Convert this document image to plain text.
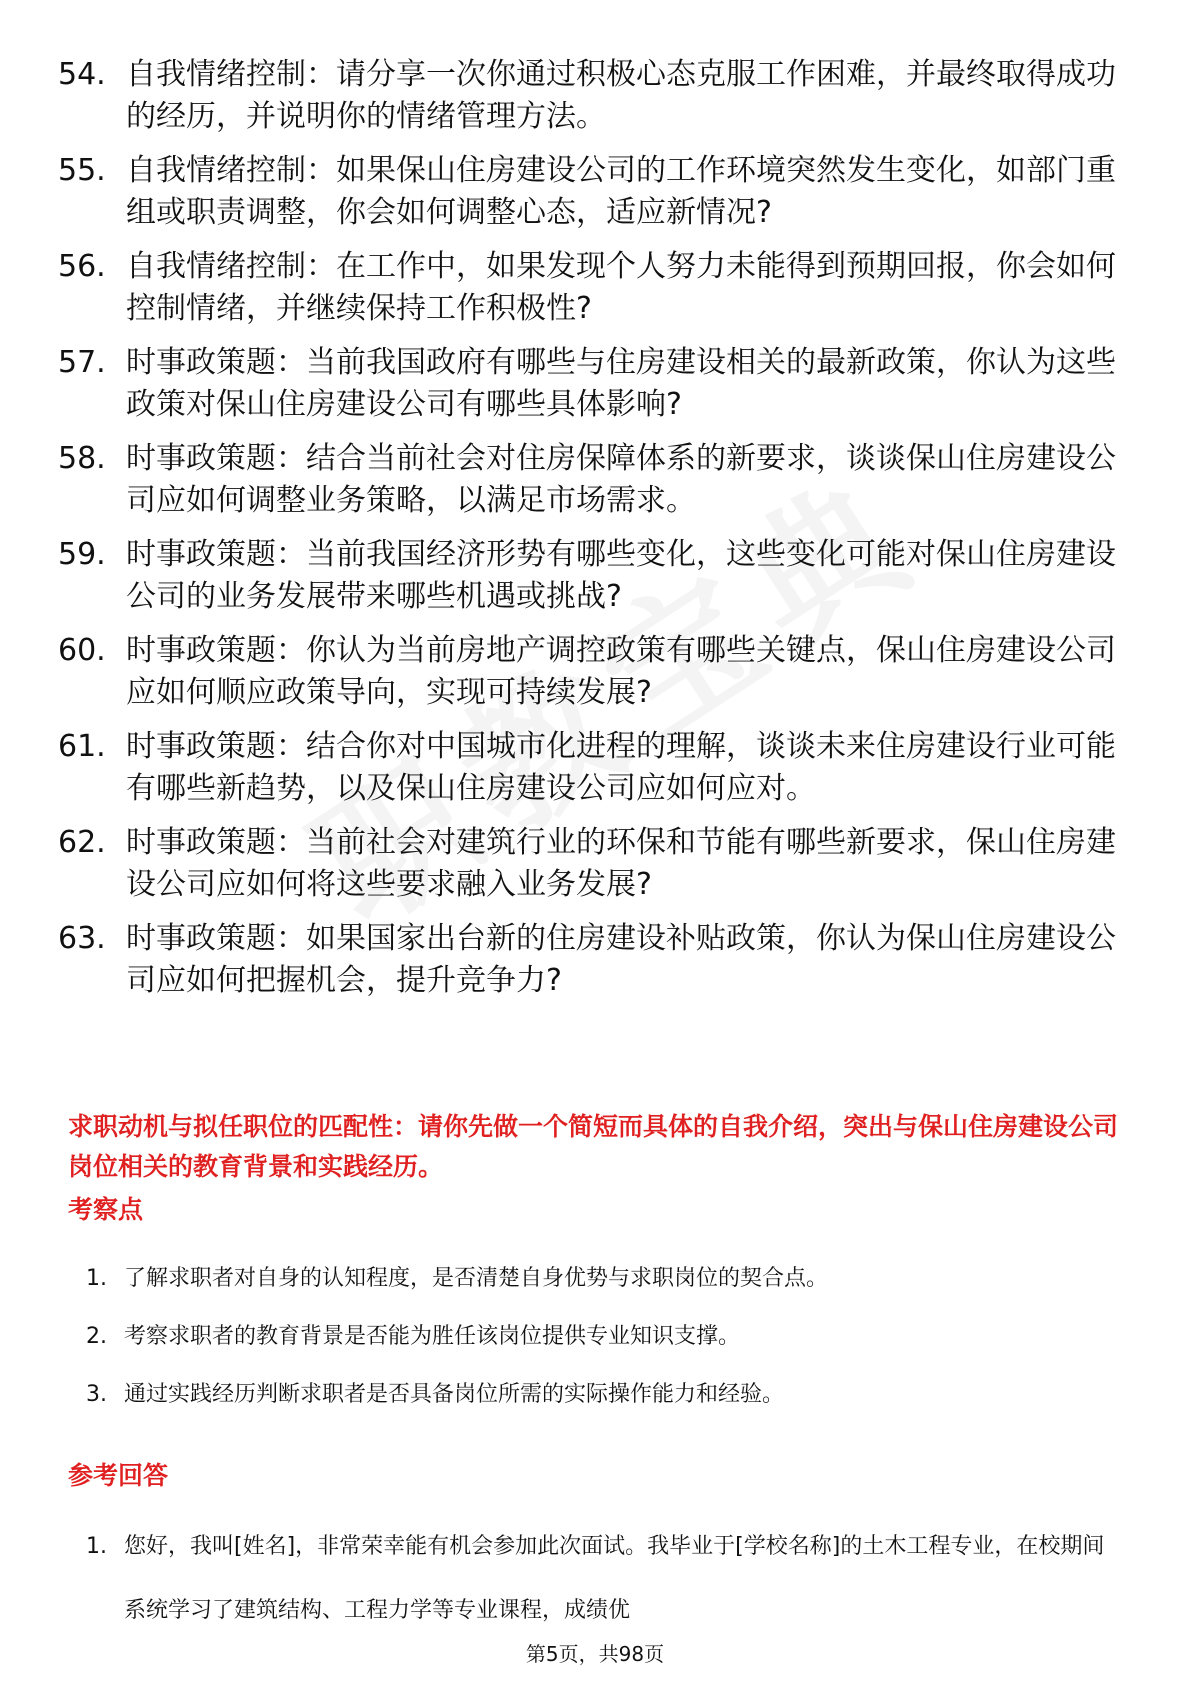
54. 自我情绪控制：请分享一次你通过积极心态克服工作困难，并最终取得成功的经历，并说明你的情绪管理方法。
55. 自我情绪控制：如果保山住房建设公司的工作环境突然发生变化，如部门重组或职责调整，你会如何调整心态，适应新情况?
56. 自我情绪控制：在工作中，如果发现个人努力未能得到预期回报，你会如何控制情绪，并继续保持工作积极性?
57. 时事政策题：当前我国政府有哪些与住房建设相关的最新政策，你认为这些政策对保山住房建设公司有哪些具体影响?
58. 时事政策题：结合当前社会对住房保障体系的新要求，谈谈保山住房建设公司应如何调整业务策略，以满足市场需求。
59. 时事政策题：当前我国经济形势有哪些变化，这些变化可能对保山住房建设公司的业务发展带来哪些机遇或挑战?
60. 时事政策题：你认为当前房地产调控政策有哪些关键点，保山住房建设公司应如何顺应政策导向，实现可持续发展?
61. 时事政策题：结合你对中国城市化进程的理解，谈谈未来住房建设行业可能有哪些新趋势，以及保山住房建设公司应如何应对。
62. 时事政策题：当前社会对建筑行业的环保和节能有哪些新要求，保山住房建设公司应如何将这些要求融入业务发展?
63. 时事政策题：如果国家出台新的住房建设补贴政策，你认为保山住房建设公司应如何把握机会，提升竞争力?
求职动机与拟任职位的匹配性：请你先做一个简短而具体的自我介绍，突出与保山住房建设公司岗位相关的教育背景和实践经历。
考察点
1. 了解求职者对自身的认知程度，是否清楚自身优势与求职岗位的契合点。
2. 考察求职者的教育背景是否能为胜任该岗位提供专业知识支撑。
3. 通过实践经历判断求职者是否具备岗位所需的实际操作能力和经验。
参考回答
1. 您好，我叫[姓名]，非常荣幸能有机会参加此次面试。我毕业于[学校名称]的土木工程专业，在校期间系统学习了建筑结构、工程力学等专业课程，成绩优
第5页，共98页
